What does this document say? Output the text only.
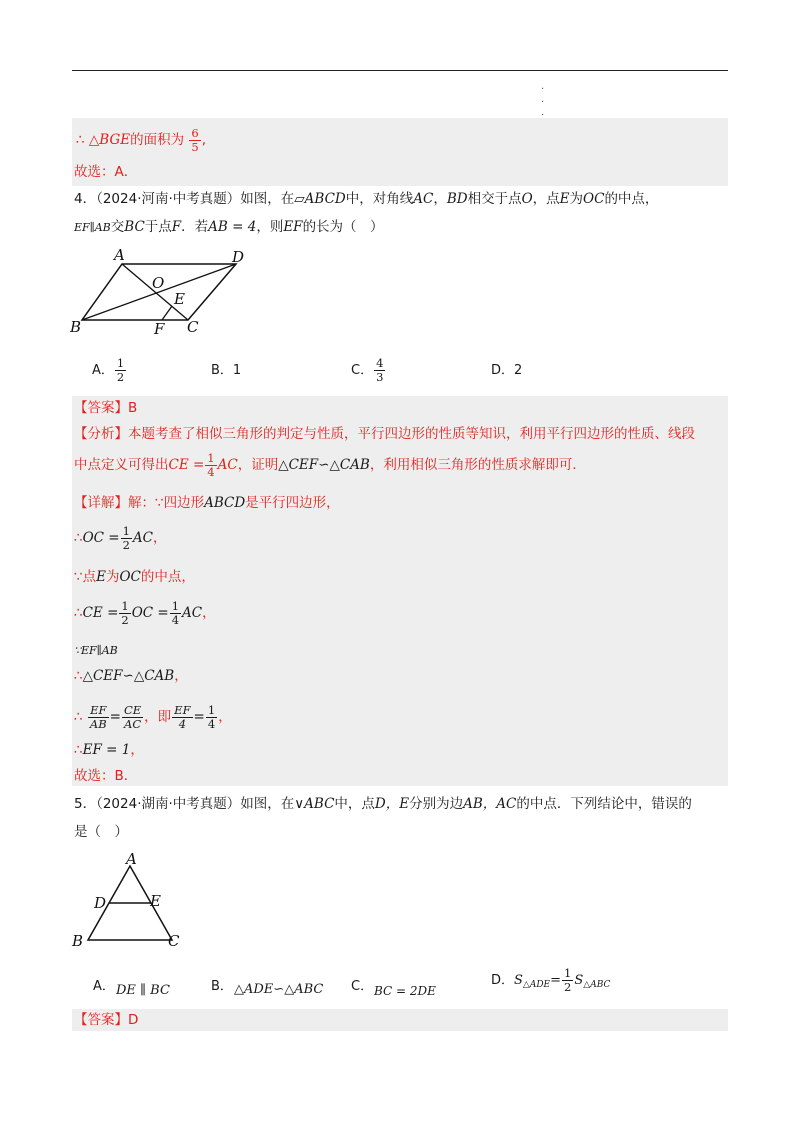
.
.
.
∴ △BGE的面积为 $\frac{6}{5}$ ,
故选：A．
4．（2024·河南·中考真题）如图，在▱ABCD中，对角线AC，BD相交于点O，点E为OC的中点，
EF∥AB交BC于点F．若AB = 4，则EF的长为（　）
A	D
O
E
B	F C
A． $\frac{1}{2}$	B．1	C． $\frac{4}{3}$	D．2
【答案】B
【分析】本题考查了相似三角形的判定与性质，平行四边形的性质等知识，利用平行四边形的性质、线段
中点定义可得出CE = $\frac{1}{4}$ AC，证明△CEF∽△CAB，利用相似三角形的性质求解即可．
【详解】解：∵四边形ABCD是平行四边形，
∴OC = $\frac{1}{2}$ AC，
∵点E为OC的中点，
∴CE = $\frac{1}{2}$ OC = $\frac{1}{4}$ AC，
∵EF∥AB
∴△CEF∽△CAB，
∴ $\frac{EF}{AB} = \frac{CE}{AC}$ ，即 $\frac{EF}{4} = \frac{1}{4}$ ，
∴EF = 1，
故选：B．
5．（2024·湖南·中考真题）如图，在∨ABC中，点D，E分别为边AB，AC的中点．下列结论中，错误的
是（　）
A
D	E
B	C
A． DE ∥ BC	B． △ADE∽△ABC C． BC = 2DE
D．$S_{\triangle ADE}= \frac{1}{2} S_{\triangle ABC}$
【答案】D
